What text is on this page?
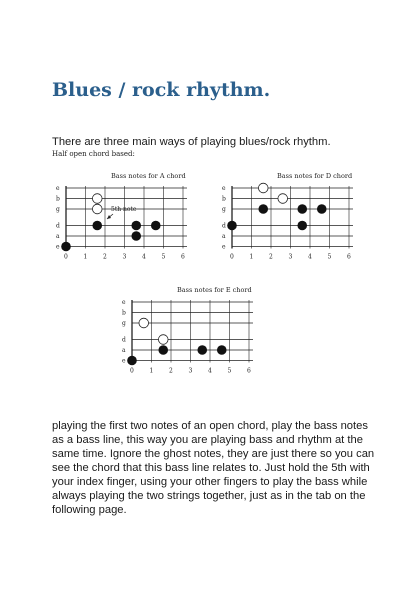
Blues / rock rhythm.

There are three main ways of playing blues/rock rhythm.

Half open chord based:
Bass notes for A chord
e
b
g
d
a
e
0	1	2	3	4	5	6
5th note
Bass notes for D chord
e
b
g
d
a
e
0	1	2	3	4	5	6
Bass notes for E chord
e
b
g
d
a
e
0	1	2	3	4	5	6

playing the first two notes of an open chord, play the bass notes as a bass line, this way you are playing bass and rhythm at the same time. Ignore the ghost notes, they are just there so you can see the chord that this bass line relates to. Just hold the 5th with your index finger, using your other fingers to play the bass while always playing the two strings together, just as in the tab on the following page.
